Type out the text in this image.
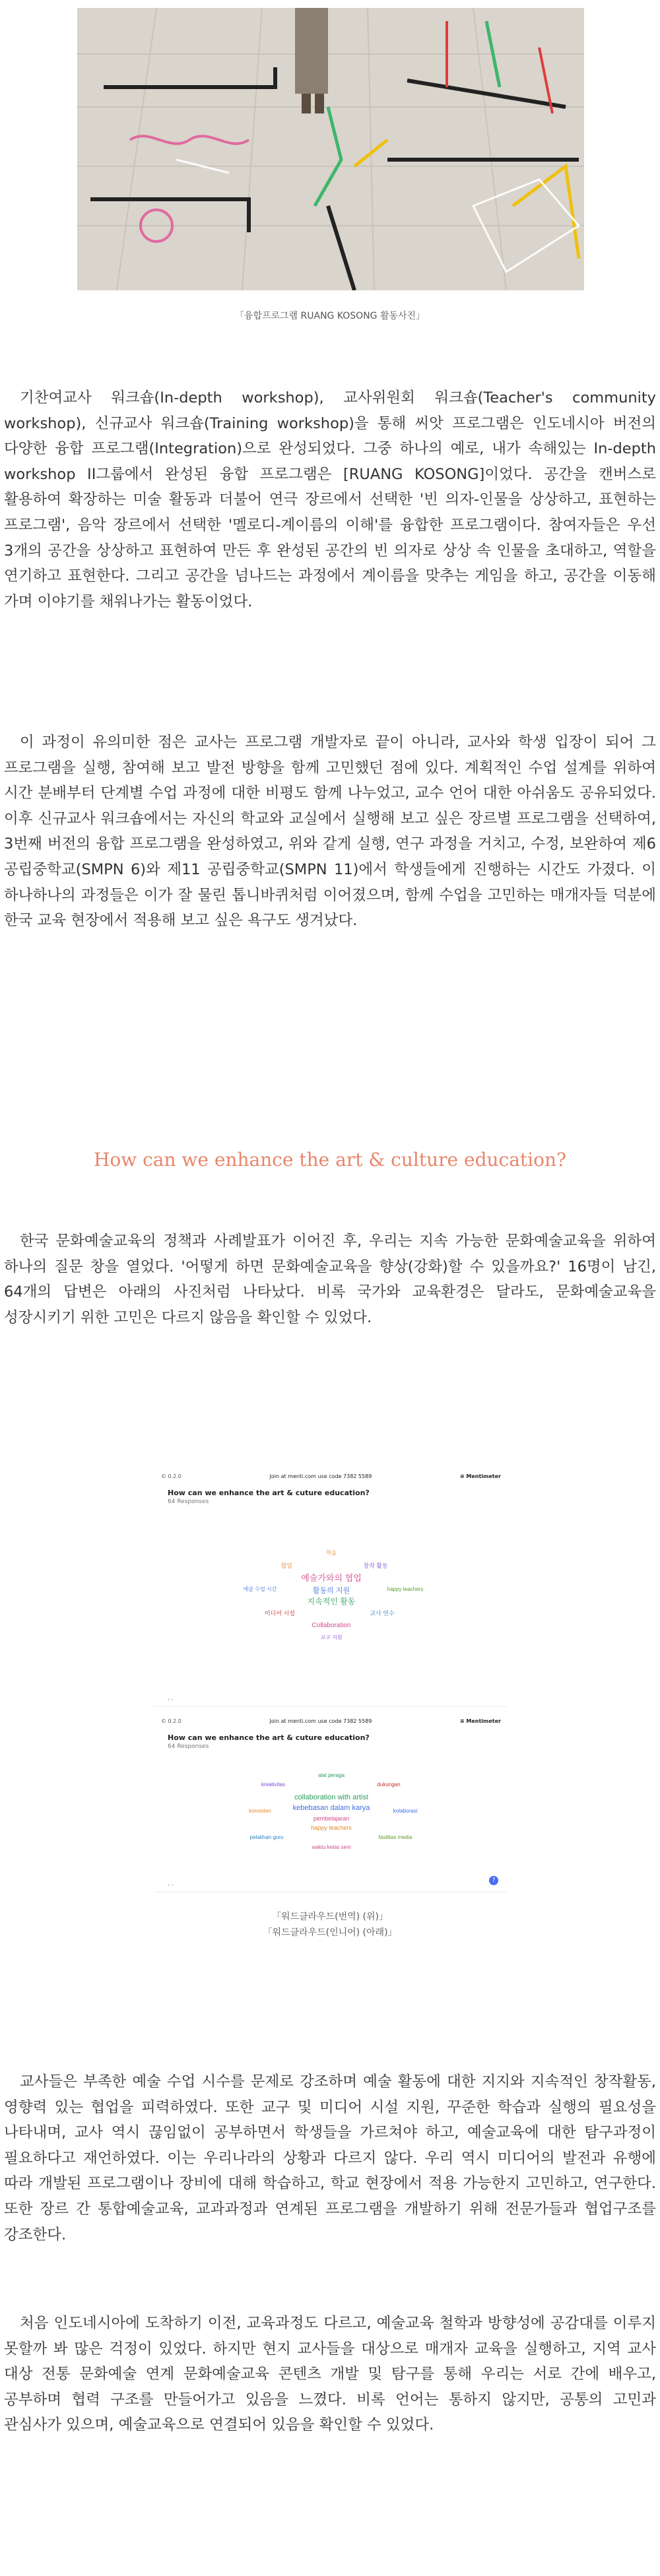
「융합프로그램 RUANG KOSONG 활동사진」

기찬여교사 워크숍(In-depth workshop), 교사위원회 워크숍(Teacher's community workshop), 신규교사 워크숍(Training workshop)을 통해 씨앗 프로그램은 인도네시아 버전의 다양한 융합 프로그램(Integration)으로 완성되었다. 그중 하나의 예로, 내가 속해있는 In-depth workshop II그룹에서 완성된 융합 프로그램은 [RUANG KOSONG]이었다. 공간을 캔버스로 활용하여 확장하는 미술 활동과 더불어 연극 장르에서 선택한 '빈 의자-인물을 상상하고, 표현하는 프로그램', 음악 장르에서 선택한 '멜로디-계이름의 이해'를 융합한 프로그램이다. 참여자들은 우선 3개의 공간을 상상하고 표현하여 만든 후 완성된 공간의 빈 의자로 상상 속 인물을 초대하고, 역할을 연기하고 표현한다. 그리고 공간을 넘나드는 과정에서 계이름을 맞추는 게임을 하고, 공간을 이동해 가며 이야기를 채워나가는 활동이었다.

이 과정이 유의미한 점은 교사는 프로그램 개발자로 끝이 아니라, 교사와 학생 입장이 되어 그 프로그램을 실행, 참여해 보고 발전 방향을 함께 고민했던 점에 있다. 계획적인 수업 설계를 위하여 시간 분배부터 단계별 수업 과정에 대한 비평도 함께 나누었고, 교수 언어 대한 아쉬움도 공유되었다. 이후 신규교사 워크숍에서는 자신의 학교와 교실에서 실행해 보고 싶은 장르별 프로그램을 선택하여, 3번째 버전의 융합 프로그램을 완성하였고, 위와 같게 실행, 연구 과정을 거치고, 수정, 보완하여 제6 공립중학교(SMPN 6)와 제11 공립중학교(SMPN 11)에서 학생들에게 진행하는 시간도 가졌다. 이 하나하나의 과정들은 이가 잘 물린 톱니바퀴처럼 이어졌으며, 함께 수업을 고민하는 매개자들 덕분에 한국 교육 현장에서 적용해 보고 싶은 욕구도 생겨났다.

How can we enhance the art & culture education?

한국 문화예술교육의 정책과 사례발표가 이어진 후, 우리는 지속 가능한 문화예술교육을 위하여 하나의 질문 창을 열었다. '어떻게 하면 문화예술교육을 향상(강화)할 수 있을까요?' 16명이 남긴, 64개의 답변은 아래의 사진처럼 나타났다. 비록 국가와 교육환경은 달라도, 문화예술교육을 성장시키기 위한 고민은 다르지 않음을 확인할 수 있었다.

© 0.2.0	Join at menti.com use code 7382 5589	≡ Mentimeter
How can we enhance the art & cuture education?
64 Responses
예술가와의 협업
활동의 지원
지속적인 활동
협업	창작 활동
미디어 시설	교사 연수
Collaboration
happy teachers
예술 수업 시간
학습
교구 지원
‹ ›
© 0.2.0	Join at menti.com use code 7382 5589	≡ Mentimeter
How can we enhance the art & cuture education?
64 Responses
collaboration with artist
kebebasan dalam karya
pembelajaran
happy teachers
kreativitas	dukungan
pelatihan guru	fasilitas media
waktu kelas seni
konsisten	kolaborasi
alat peraga
‹ ›
?
「워드클라우드(번역) (위)」
「워드클라우드(인니어) (아래)」

교사들은 부족한 예술 수업 시수를 문제로 강조하며 예술 활동에 대한 지지와 지속적인 창작활동, 영향력 있는 협업을 피력하였다. 또한 교구 및 미디어 시설 지원, 꾸준한 학습과 실행의 필요성을 나타내며, 교사 역시 끊임없이 공부하면서 학생들을 가르쳐야 하고, 예술교육에 대한 탐구과정이 필요하다고 재언하였다. 이는 우리나라의 상황과 다르지 않다. 우리 역시 미디어의 발전과 유행에 따라 개발된 프로그램이나 장비에 대해 학습하고, 학교 현장에서 적용 가능한지 고민하고, 연구한다. 또한 장르 간 통합예술교육, 교과과정과 연계된 프로그램을 개발하기 위해 전문가들과 협업구조를 강조한다.

처음 인도네시아에 도착하기 이전, 교육과정도 다르고, 예술교육 철학과 방향성에 공감대를 이루지 못할까 봐 많은 걱정이 있었다. 하지만 현지 교사들을 대상으로 매개자 교육을 실행하고, 지역 교사 대상 전통 문화예술 연계 문화예술교육 콘텐츠 개발 및 탐구를 통해 우리는 서로 간에 배우고, 공부하며 협력 구조를 만들어가고 있음을 느꼈다. 비록 언어는 통하지 않지만, 공통의 고민과 관심사가 있으며, 예술교육으로 연결되어 있음을 확인할 수 있었다.
